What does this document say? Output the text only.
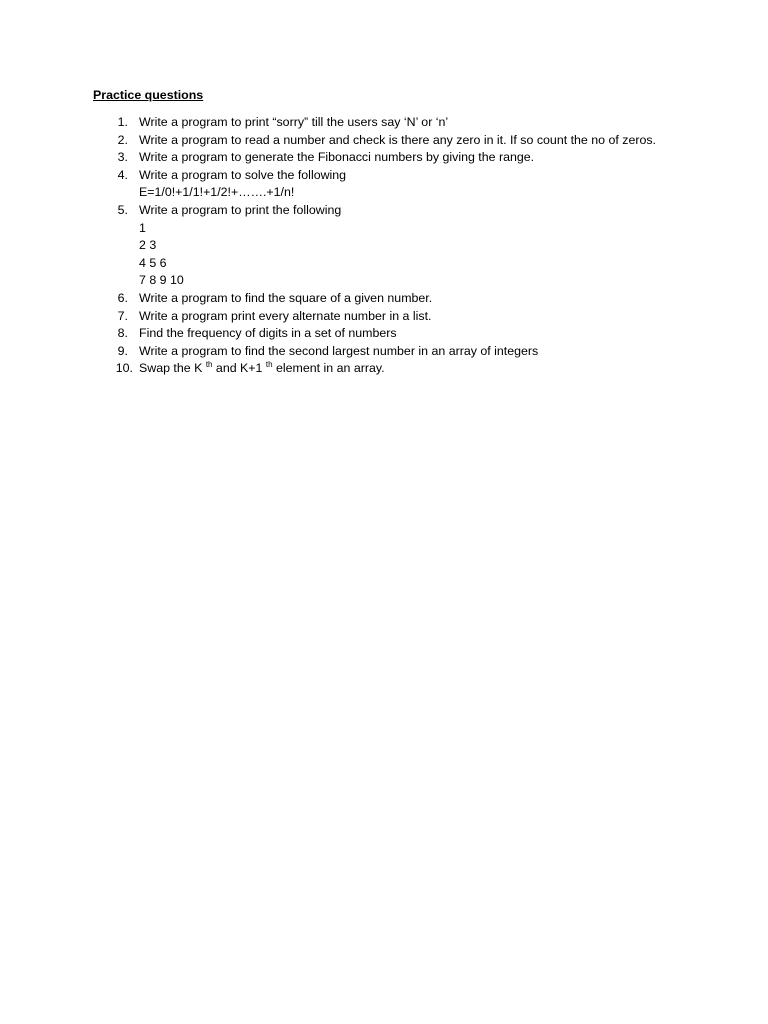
Practice questions
1. Write a program to print “sorry” till the users say ‘N’ or ‘n’
2. Write a program to read a number and check is there any zero in it. If so count the no of zeros.
3. Write a program to generate the Fibonacci numbers by giving the range.
4. Write a program to solve the following
E=1/0!+1/1!+1/2!+…….+1/n!
5. Write a program to print the following
1
2 3
4 5 6
7 8 9 10
6. Write a program to find the square of a given number.
7. Write a program print every alternate number in a list.
8. Find the frequency of digits in a set of numbers
9. Write a program to find the second largest number in an array of integers
10. Swap the K $^{th}$ and K+1 $^{th}$ element in an array.
